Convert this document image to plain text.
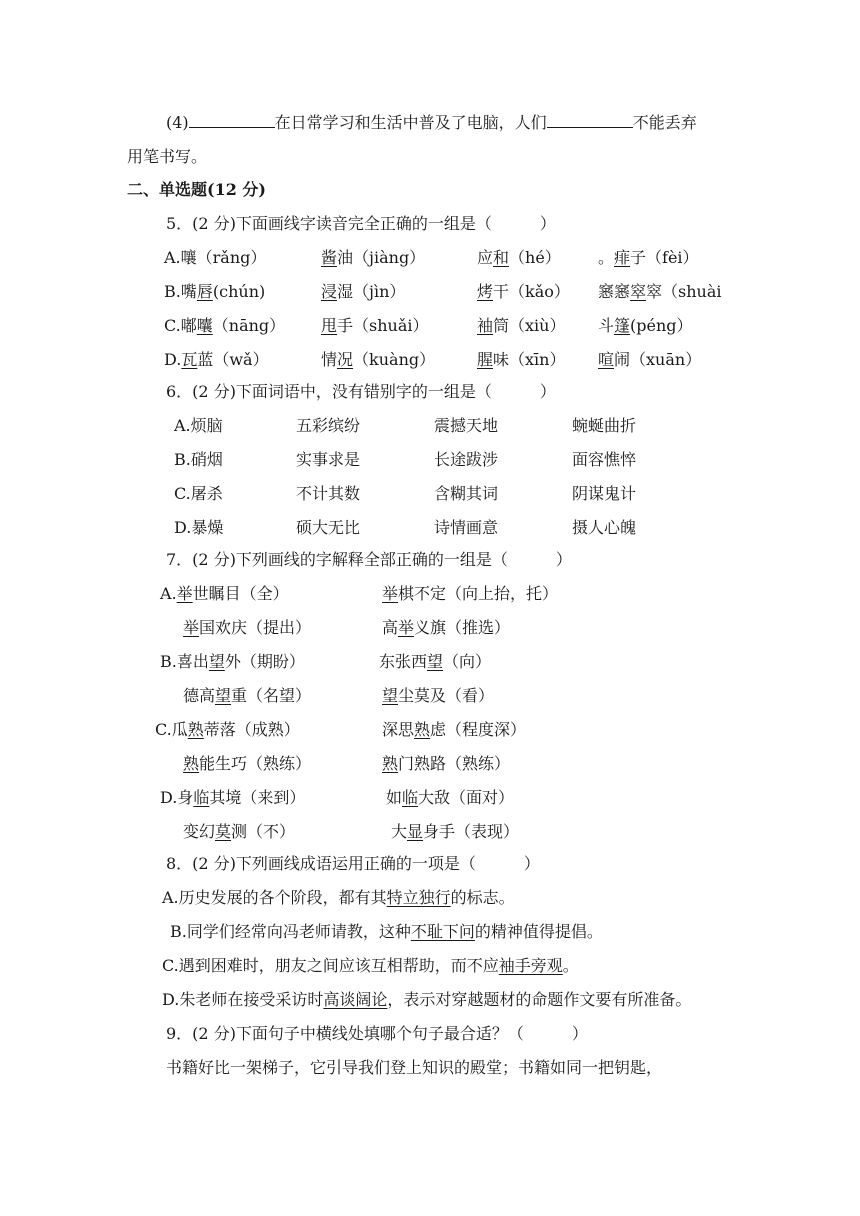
(4)	在日常学习和生活中普及了电脑，人们	不能丢弃
用笔书写。
二、单选题(12 分)
5．(2 分)下面画线字读音完全正确的一组是（　　　）
A.嚷（rǎng）	酱油（jiàng）	应和（hé） 。痱子（fèi）
B.嘴唇(chún)	浸湿（jìn）	烤干（kǎo） 窸窸窣窣（shuài
C.嘟囔（nāng） 甩手（shuǎi）	袖筒（xiù） 斗篷(péng）
D.瓦蓝（wǎ）	情况（kuàng）	腥味（xīn） 喧闹（xuān）
6．(2 分)下面词语中，没有错别字的一组是（　　　）
A.烦脑	五彩缤纷	震撼天地	蜿蜒曲折
B.硝烟	实事求是	长途跋涉	面容憔悴
C.屠杀	不计其数	含糊其词	阴谋鬼计
D.暴燥	硕大无比	诗情画意	摄人心魄
7．(2 分)下列画线的字解释全部正确的一组是（　　　）
A.举世瞩目（全）	举棋不定（向上抬，托）
举国欢庆（提出）	高举义旗（推选）
B.喜出望外（期盼）	东张西望（向）
德高望重（名望）	望尘莫及（看）
C.瓜熟蒂落（成熟）	深思熟虑（程度深）
熟能生巧（熟练）	熟门熟路（熟练）
D.身临其境（来到）	如临大敌（面对）
变幻莫测（不）	大显身手（表现）
8．(2 分)下列画线成语运用正确的一项是（　　　）
A.历史发展的各个阶段，都有其特立独行的标志。
B.同学们经常向冯老师请教，这种不耻下问的精神值得提倡。
C.遇到困难时，朋友之间应该互相帮助，而不应袖手旁观。
D.朱老师在接受采访时高谈阔论，表示对穿越题材的命题作文要有所准备。
9．(2 分)下面句子中横线处填哪个句子最合适？（　　　）
书籍好比一架梯子，它引导我们登上知识的殿堂；书籍如同一把钥匙，
